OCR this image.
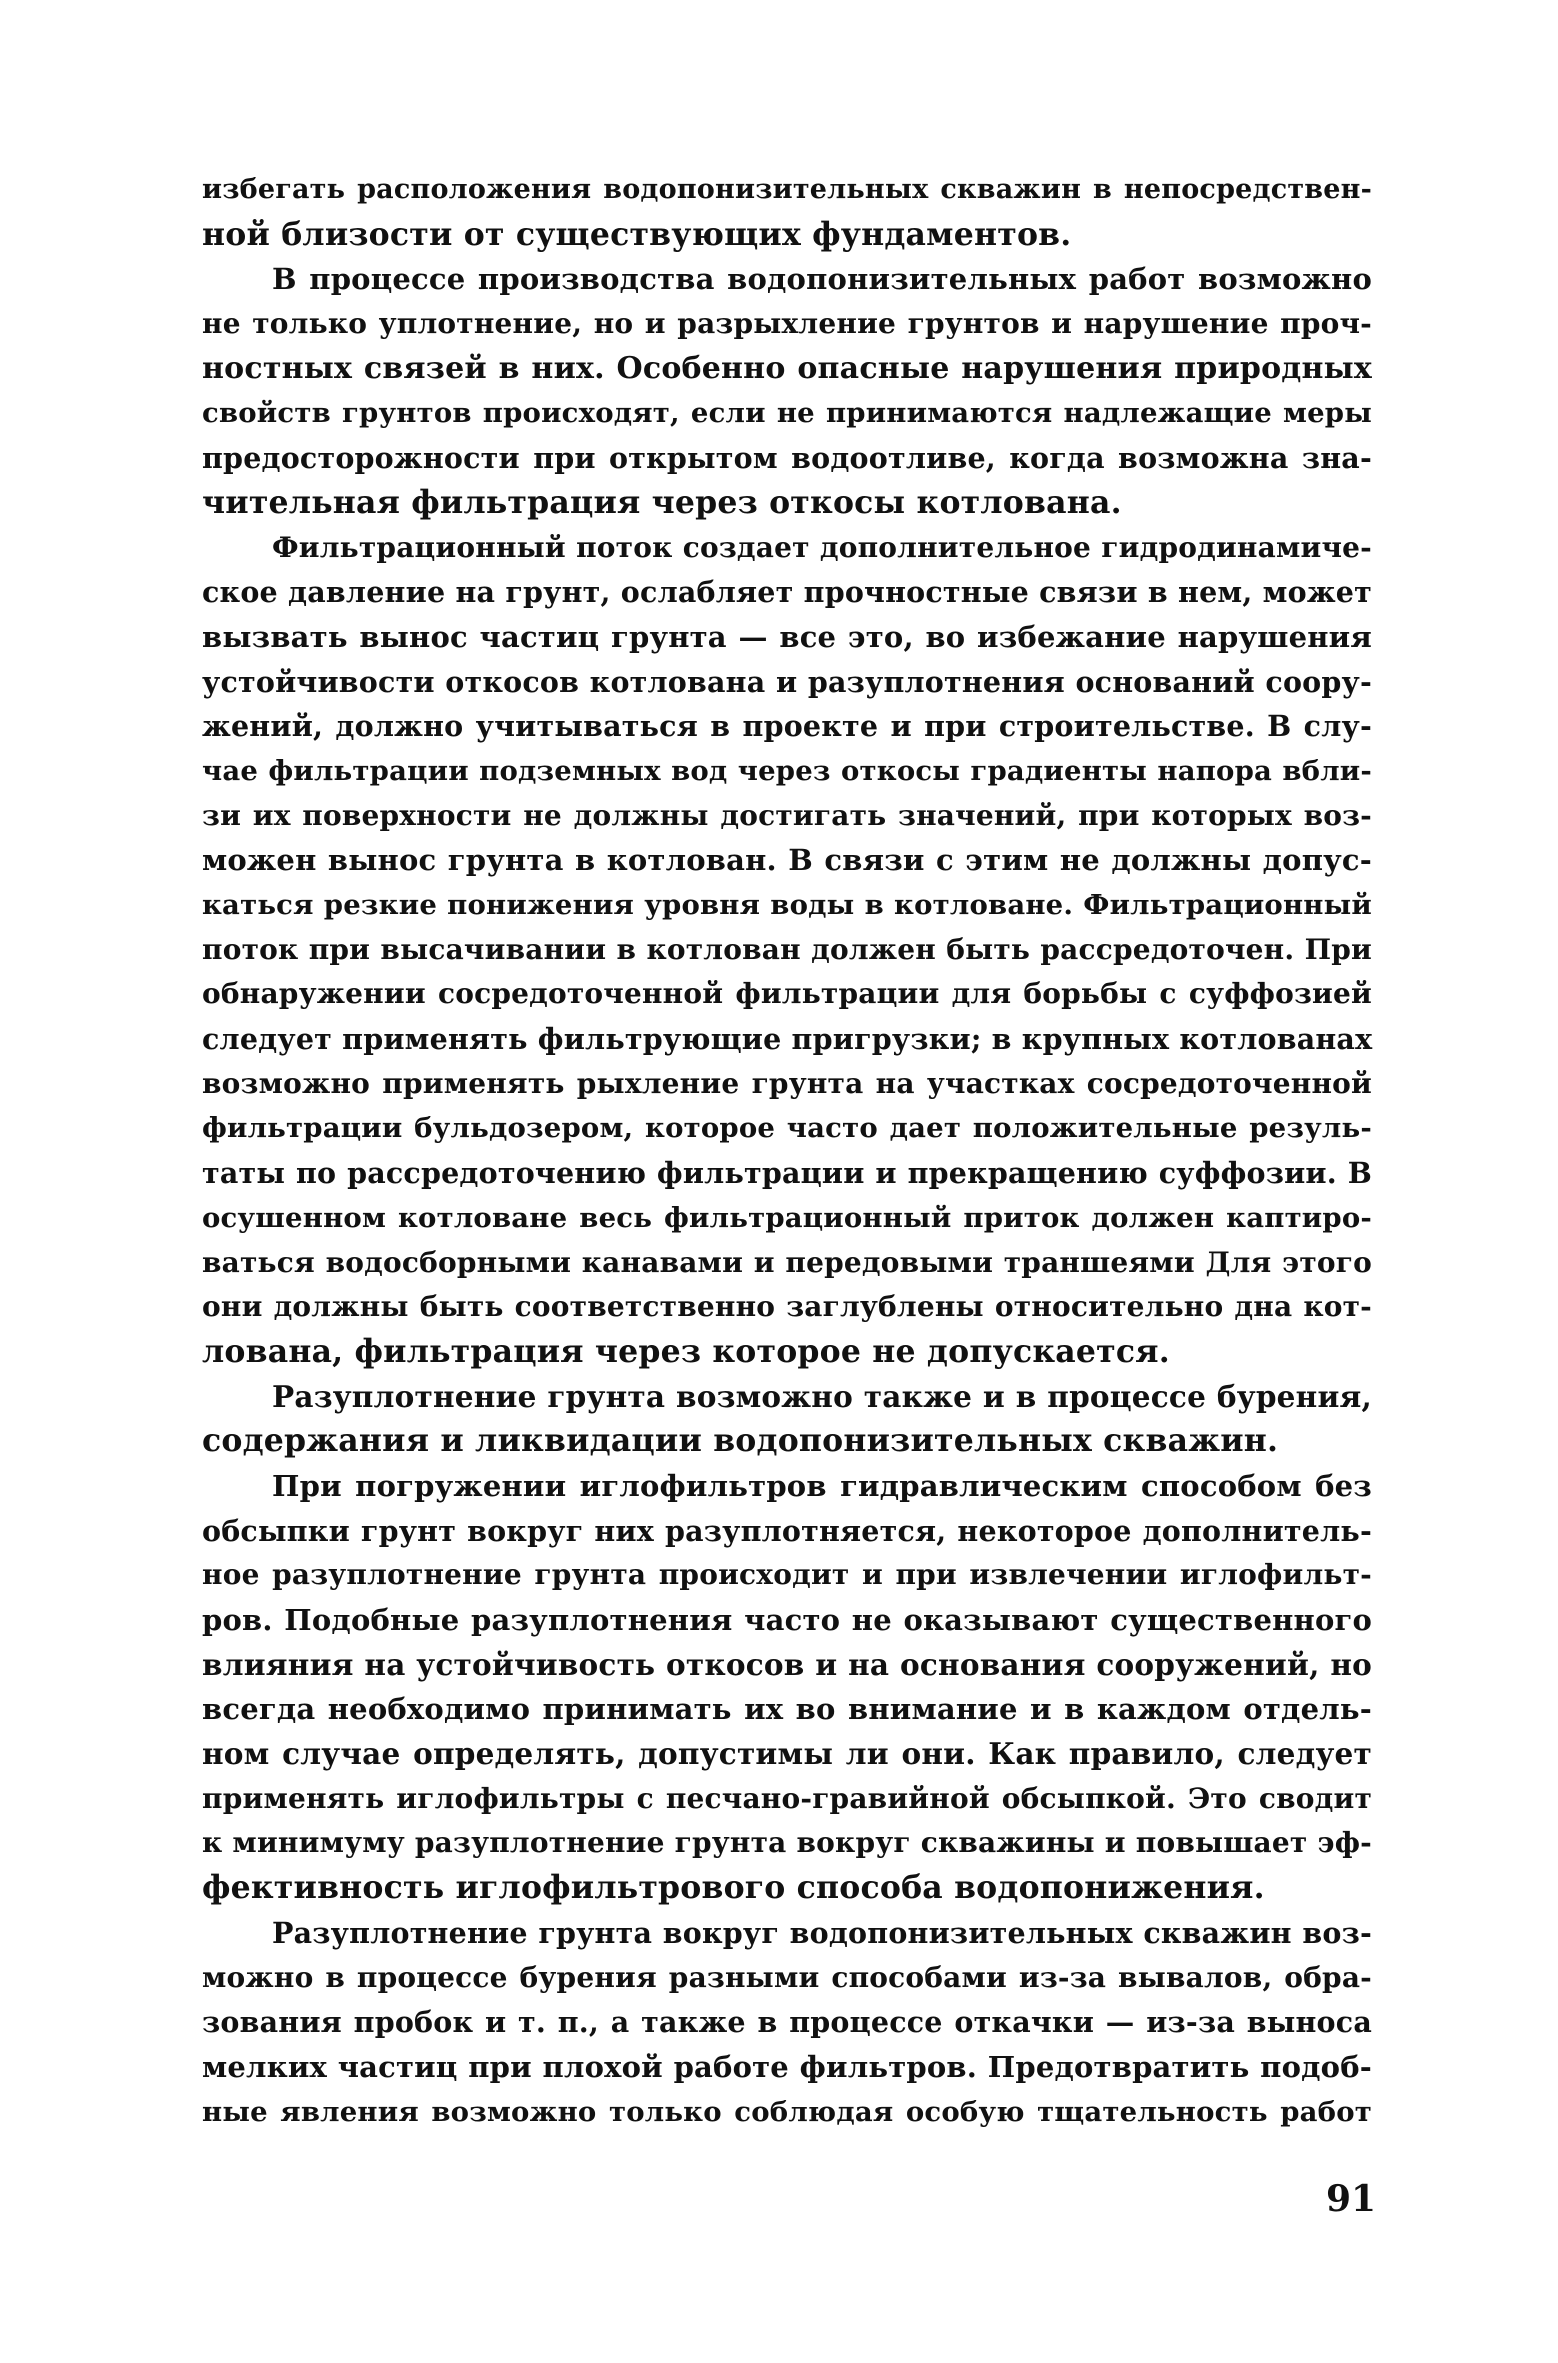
избегать расположения водопонизительных скважин в непосредствен-
ной близости от существующих фундаментов.
В процессе производства водопонизительных работ возможно
не только уплотнение, но и разрыхление грунтов и нарушение проч-
ностных связей в них. Особенно опасные нарушения природных
свойств грунтов происходят, если не принимаются надлежащие меры
предосторожности при открытом водоотливе, когда возможна зна-
чительная фильтрация через откосы котлована.
Фильтрационный поток создает дополнительное гидродинамиче-
ское давление на грунт, ослабляет прочностные связи в нем, может
вызвать вынос частиц грунта — все это, во избежание нарушения
устойчивости откосов котлована и разуплотнения оснований соору-
жений, должно учитываться в проекте и при строительстве. В слу-
чае фильтрации подземных вод через откосы градиенты напора вбли-
зи их поверхности не должны достигать значений, при которых воз-
можен вынос грунта в котлован. В связи с этим не должны допус-
каться резкие понижения уровня воды в котловане. Фильтрационный
поток при высачивании в котлован должен быть рассредоточен. При
обнаружении сосредоточенной фильтрации для борьбы с суффозией
следует применять фильтрующие пригрузки; в крупных котлованах
возможно применять рыхление грунта на участках сосредоточенной
фильтрации бульдозером, которое часто дает положительные резуль-
таты по рассредоточению фильтрации и прекращению суффозии. В
осушенном котловане весь фильтрационный приток должен каптиро-
ваться водосборными канавами и передовыми траншеями Для этого
они должны быть соответственно заглублены относительно дна кот-
лована, фильтрация через которое не допускается.
Разуплотнение грунта возможно также и в процессе бурения,
содержания и ликвидации водопонизительных скважин.
При погружении иглофильтров гидравлическим способом без
обсыпки грунт вокруг них разуплотняется, некоторое дополнитель-
ное разуплотнение грунта происходит и при извлечении иглофильт-
ров. Подобные разуплотнения часто не оказывают существенного
влияния на устойчивость откосов и на основания сооружений, но
всегда необходимо принимать их во внимание и в каждом отдель-
ном случае определять, допустимы ли они. Как правило, следует
применять иглофильтры с песчано-гравийной обсыпкой. Это сводит
к минимуму разуплотнение грунта вокруг скважины и повышает эф-
фективность иглофильтрового способа водопонижения.
Разуплотнение грунта вокруг водопонизительных скважин воз-
можно в процессе бурения разными способами из-за вывалов, обра-
зования пробок и т. п., а также в процессе откачки — из-за выноса
мелких частиц при плохой работе фильтров. Предотвратить подоб-
ные явления возможно только соблюдая особую тщательность работ
91
